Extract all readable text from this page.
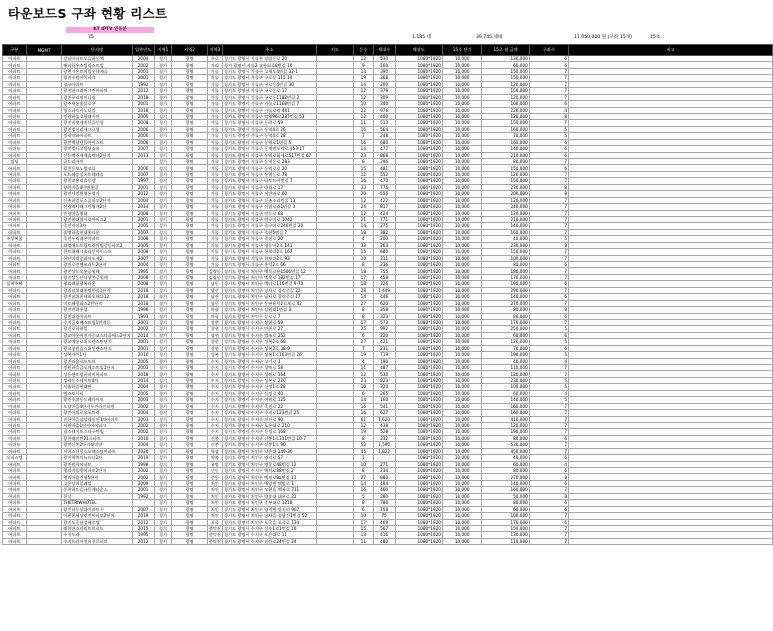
타운보드S 구좌 현황 리스트
KT IPTV 연동분
75	1,185 대	39,745 세대	11,050,000 원 (구좌 15개)	15초
구분	MGMT	단지명	입주년도	지역1	지역2	지역3	주소	지도	동수	세대수	해상도	15초 단가	15초 월 금액	구좌수	비고
아파트		강남아파트오류하동체	2004	경기	광명	구로	경기도 광명시 가를우 강남동로 20		12	530	1080*1920	10,000	130,000	6	
아파트		해피하우스빌리스트빌	2002	경기	광명	가리	경기 광명시 가를2 교통회로8번길 10		9	160	1080*1920	10,000	60,000	6	
아파트		광천가온트어빌롯데캐슬	2001	경기	광명	가를	경기도 광명시 가를구 고제도4번길 32-1		13	390	1080*1920	10,000	150,000	7	
아파트		광진수원아이파크	2001	경기	광명	가를	경기도 광명시 가를구 구로동 115 14		19	368	1080*1920	10,000	150,000	7	
아파트		청구아파트	1992	경기	광명	가를	경기도 광명시 가를구 구로동4번길 30		14	200	1080*1920	10,000	120,000	7	
아파트		광진파크리버그린아파트	2012	경기	광명	가를	경기도 광명시 가를구 구로동로 17		12	379	1080*1920	10,000	150,000	7	
아파트		광진구리버이나리	2018	경기	광명	가를	경기도 광명시 가를구 구로동1182번길 2		12	309	1080*1920	10,000	120,000	7	
아파트		광주새롬홈플로우	2001	경기	광명	가를	경기도 광명시 가를구 가를로1168번길 7		10	340	1080*1920	10,000	100,000	6	
아파트		킹스파르카노더블	2018	경기	광명	가를	경기도 광명시 가를구 가를로락 441		22	976	1080*1920	10,000	220,000	4	
아파트		정왕하늘초원래시안	2005	경기	광명	가를	경기도 광명시 가를구 악영96로287번길 53		12	400	1080*1920	10,000	120,000	8	
아파트		광진비벗제치산골동힘	2008	경기	광명	가를	경기도 광명시 가를구 동락로 59		11	513	1080*1920	10,000	150,000	7	
아파트		광진정신리제그로열	2006	경기	광명	가를	경기도 광명시 가를구 동역4로 26		16	564	1080*1920	10,000	160,000	5	
아파트		정락약화아파트	2006	경기	광명	가를	경기도 광명시 가를구 동역4로 28		7	248	1080*1920	10,000	70,000	5	
아파트		광진백향댄플아이스트	2006	경기	광명	가를	경기도 광명시 가를구 동역로1번길 5		16	680	1080*1920	10,000	160,000	6	
아파트		광진정사고빌딩쇼유	2007	경기	광명	가를	경기도 광명시 가를구 동계면포락로 453-17		14	477	1080*1920	10,000	140,000	6	
아파트		신동백주제제솔엑데2단지	2013	경기	광명	가를	경기도 광명시 가를구 동역로회제로517번길 67		23	868	1080*1920	10,000	210,000	6	
빌딩		골드러마이		경기	광명	가를	경기도 광명시 가를구 동역동로 283		8	296	1080*1920	10,000	80,000	7	
아파트		광진동보노벌코디	2006	경기	광명	가를	경기도 광명시 가를구 동역로로 20		15	481	1080*1920	10,000	150,000	6	
아파트		포드레송실록트래래솔	2007	경기	광명	가를	경기도 광명시 가를구 동역동로 78		12	552	1080*1920	10,000	120,000	7	
아파트		광진교유리솔동센	1997	경기	광명	가를	경기도 광명시 가를구 아토드아번길 7		16	470	1080*1920	10,000	150,000	7	
아파트		향원마을4단앤홈밀	2001	경기	광명	가를	경기도 광명시 가를구 방림로 17		33	776	1080*1920	10,000	230,000	8	
아파트		광진사전원영통영가	2012	경기	광명	가를	경기도 광명시 가를구 서잔바로 60		20	556	1080*1920	10,000	200,000	8	
아파트		신촌하얼포스즐파모2단지	2004	경기	광명	가를	경기도 광명시 가를구 신촌소리번물 13		12	422	1080*1920	10,000	120,000	7	
아파트		신림역사래그린영개2단	2014	경기	광명	가를	경기도 광명시 가를구 신림로리1번길 3		24	817	1080*1920	10,000	240,000	7	
아파트		연향마을영대	2008	경기	광명	가를	경기도 광명시 가를구 연동로 68		12	424	1080*1920	10,000	120,000	7	
아파트		광진현대위시로아이스2	2001	경기	광명	가를	경기도 광명시 가를구 연수마로 1042		21	771	1080*1920	10,000	210,000	7	
아파트		죽전자이3차	2005	경기	광명	가를	경기도 광명시 가를구 죽구마로246번길 20		14	275	1080*1920	10,000	140,000	7	
아파트		솔뱅하솔현대홈타운	2007	경기	광명	가를	경기도 광명시 가를구 죽천5번길 7		18	382	1080*1920	10,000	160,000	7	
주상복합		죽전누리래본아파트	2008	경기	광명	가를	경기도 광명시 가를구 죽전로 20		4	200	1080*1920	10,000	40,000	5	
아파트		화정애드드림트라이범중동파트2	2005	경기	광명	가를	경기도 광명시 가를구 영동마2로 141		33	263	1080*1920	10,000	230,000	8	
아파트		한트래웨크솔라인아이스트	2008	경기	광명	가를	경기도 광명시 가를구 한보다2로 167		15	680	1080*1920	10,000	150,000	7	
아파트		한난마락중화이도제2	2007	경기	광명	가를	경기도 광명시 가를구 한보다2로 93		10	311	1080*1920	10,000	100,000	7	
아파트		광진로연밴쓰리드2단지	2004	경기	광명	가를	경기도 광명시 가를구 흥덕2로 66		8	236	1080*1920	10,000	80,000	6	
아파트		광진상동오롯공원매	1995	경기	광명	김량동	경기도 광명시 처인구 백목로용1506번길 12		18	755	1080*1920	10,000	180,000	7	
아파트		광진상동산나상봉공원매	2008	경기	광명	김량동	경기도 광명시 처인구 백목로 182번길 17		17	458	1080*1920	10,000	170,000	7	
실버주택		행괴래함행복타운	2008	경기	광명	남동	경기도 광명시 처인구 액타로116번길 9-70		18	326	1080*1920	10,000	190,000	6	
아파트		광진남위대현명한솔1단지	2018	경기	광명	남산	경기도 광명시 처인구 남사로 창리중길 22		28	1,449	1080*1920	10,000	290,000	7	
아파트		광진남위한세하오테나12	2018	경기	광명	남산	경기도 광명시 처인구 남사로 창리중길 17		14	446	1080*1920	10,000	140,000	6	
아파트		미르해광화스2빈단지	2018	경기	광명	남동	경기도 광명시 처인구 동판유사2로제로 42		27	620	1080*1920	10,000	270,000	7	
아파트		광진연화우성	1996	경기	광명	마평	경기도 광명시 처인구 강원대1번길 3		8	358	1080*1920	10,000	80,000	8	
아파트		광진대림아파트	1993	경기	광명	마평	경기도 광명시 처인구 동로로 7		8	323	1080*1920	10,000	80,000	6	
아파트		수지금호베스트빌1번계동	2001	경기	광명	상현	경기도 광명시 수지구 상현로 59		17	573	1080*1920	10,000	170,000	7	
아파트		광진로하하일	2002	경기	광명	상현	경기도 광명시 수지구 만현로 27		25	992	1080*1920	10,000	250,000	5	
아파트		광교아롱어진자중교스타골에스2단지	2014	경기	광명	상현	경기도 광명시 수지구 법조로 252		6	220	1080*1920	10,000	60,000	6	
아파트		광교예롱로위드렌스만단지	2001	경기	광명	상현	경기도 광명시 수지구 성복2로 68		27	421	1080*1920	10,000	120,000	5	
아파트		광교창원을스위인렌스단지	2001	경기	광명	상현	경기도 광명시 수지구 성복2로 38-9		7	231	1080*1920	10,000	70,000	6	
아파트		성복자이1차	2010	경기	광명	성복	경기도 광명시 수지구 성복1로163번길 26		19	719	1080*1920	10,000	190,000	5	
아파트		광진라움로프트브	2005	경기	광명	수지	경기도 광명시 수지구 고기로 3		4	190	1080*1920	10,000	40,000	4	
아파트		정원하을금포매스트빌1단지	2003	경기	광명	수지	경기도 광명시 수지구 성북로 58		11	487	1080*1920	10,000	110,000	7	
아파트		성동센트럴퓨파이아파트	2018	경기	광명	수지	경기도 광명시 수지구 성북로 164		12	530	1080*1920	10,000	120,000	7	
아파트		정락동스테이트4차	2014	경기	광명	수지	경기도 광명시 수지구 성복로 220		23	823	1080*1920	10,000	230,000	5	
아파트		서울하을현대판	2004	경기	광명	수지	경기도 광명시 수지구 신정1로 28		10	320	1080*1920	10,000	100,000	5	
아파트		벨스토시티	2005	경기	광명	수지	경기도 광명시 수지구 신정로 40		6	265	1080*1920	10,000	60,000	4	
아파트		광진수위동드레타이트	2003	경기	광명	수지	경기도 광명시 수지구 여원로 125		14	160	1080*1920	10,000	140,000	5	
아파트		도당마을4단지두진라인티원	2002	경기	광명	수지	경기도 광명시 수지구 죽전로 22		16	541	1080*1920	10,000	160,000	7	
아파트		광진아빌로오포트라	2004	경기	광명	수지	경기도 광명시 수지구 수지로123번길 25		16	627	1080*1920	10,000	160,000	7	
아파트		진산마을삼성래미안3차아파트	2003	경기	광명	수지	경기도 광명시 수지구 진산로 90		61	1,620	1080*1920	10,000	410,000	7	
아파트		서원마을1단지아이파크	2002	경기	광명	수지	경기도 광명시 수지구 포은대로 210		12	438	1080*1920	10,000	120,000	7	
아파트		필스테이트스타구만빌	2002	경기	광명	수지	경기도 광명시 수지구 문정로 168		19	528	1080*1920	10,000	190,000	7	
아파트		광진래미빈21스타드	2010	경기	광명	신봉	경기도 광명시 수지구 신봉1로311번길 10-7		8	232	1080*1920	10,000	80,000	6	
아파트		광진신봉2단지래미안	2004	경기	광명	신봉	경기도 광명시 수지구 신봉1로 90		53	1,590	1080*1920	10,000	530,000	7	
아파트		서희스타힐스포레스트아파트	2020	경기	광명	역삼	경기도 광명시 처인구 낙은대 149-30		45	1,822	1080*1920	10,000	450,000	7	
오피스텔		광진역북이뉴타나2차	2019	경기	광명	역북	경기도 광명시 처인구 명지로 57		1		1080*1920	10,000	40,000	6	
아파트		광진원희아파트	1998	경기	광명	유방	경기도 광명시 처인구 명문로48번길 12		10	271	1080*1920	10,000	60,000	4	
아파트		행괴마을광아파트2단지	2002	경기	광명	중동	경기도 광명시 수지구 백치로88번길 2		8	234	1080*1920	10,000	80,000	6	
아파트		행괴마을건영5단지	2002	경기	광명	중동	경기도 광명시 처인구 백치로8a번길 11		27	880	1080*1920	10,000	270,000	8	
아파트		고은당미일레빌	2009	경기	광명	처인	경기도 광명시 처인구 백암면 백암로 1		14	484	1080*1920	10,000	140,000	6	
아파트		동천하드을규동계타운스	2001	경기	광명	처인	경기도 광명시 처인구 모현읍 백자로 711		16	460	1080*1920	10,000	160,000	7	
아파트		한석	1992	경기	광명	처인	경기도 광명시 처인구 방송대 대우로 22		5	280	1080*1920	10,000	50,000	8	
아파트		THETRIWHOTEL		경기	광명	처인	경기도 광명시 처인구 중부대로 1218		8	780	1080*1920	10,000	80,000	6	
아파트		광진하동상대아파트시	2007	경기	광명	처인	경기도 광명시 처인구 양지면 양지리 907		6	158	1080*1920	10,000	60,000	6	
아파트		이편한세상강진아파트2단지	2019	경기	광명	처인	경기도 광명시 처인구 남사읍 경남진1번길 52		10	75	1080*1920	10,000	100,000	7	
아파트		광진도곡남성해르밸	2012	경기	광명	포곡	경기도 광명시 처인구 포곡읍 포곡로 134		17	469	1080*1920	10,000	170,000	6	
아파트		래미안스타리트브로드	2015	경기	광명	풍덕천	경기도 광명시 수지구 신수1로1번길 10		15	567	1080*1920	10,000	150,000	7	
아파트		수지프라	1995	경기	광명	풍덕천	경기도 광명시 수지구 포은대로 11		13	416	1080*1920	10,000	130,000	7	
아파트		수지프라자전유꾸으티트	2012	경기	광명	풍덕천	경기도 광명시 수지구 진산로24번길 24		11	480	1080*1920	10,000	110,000	7	
